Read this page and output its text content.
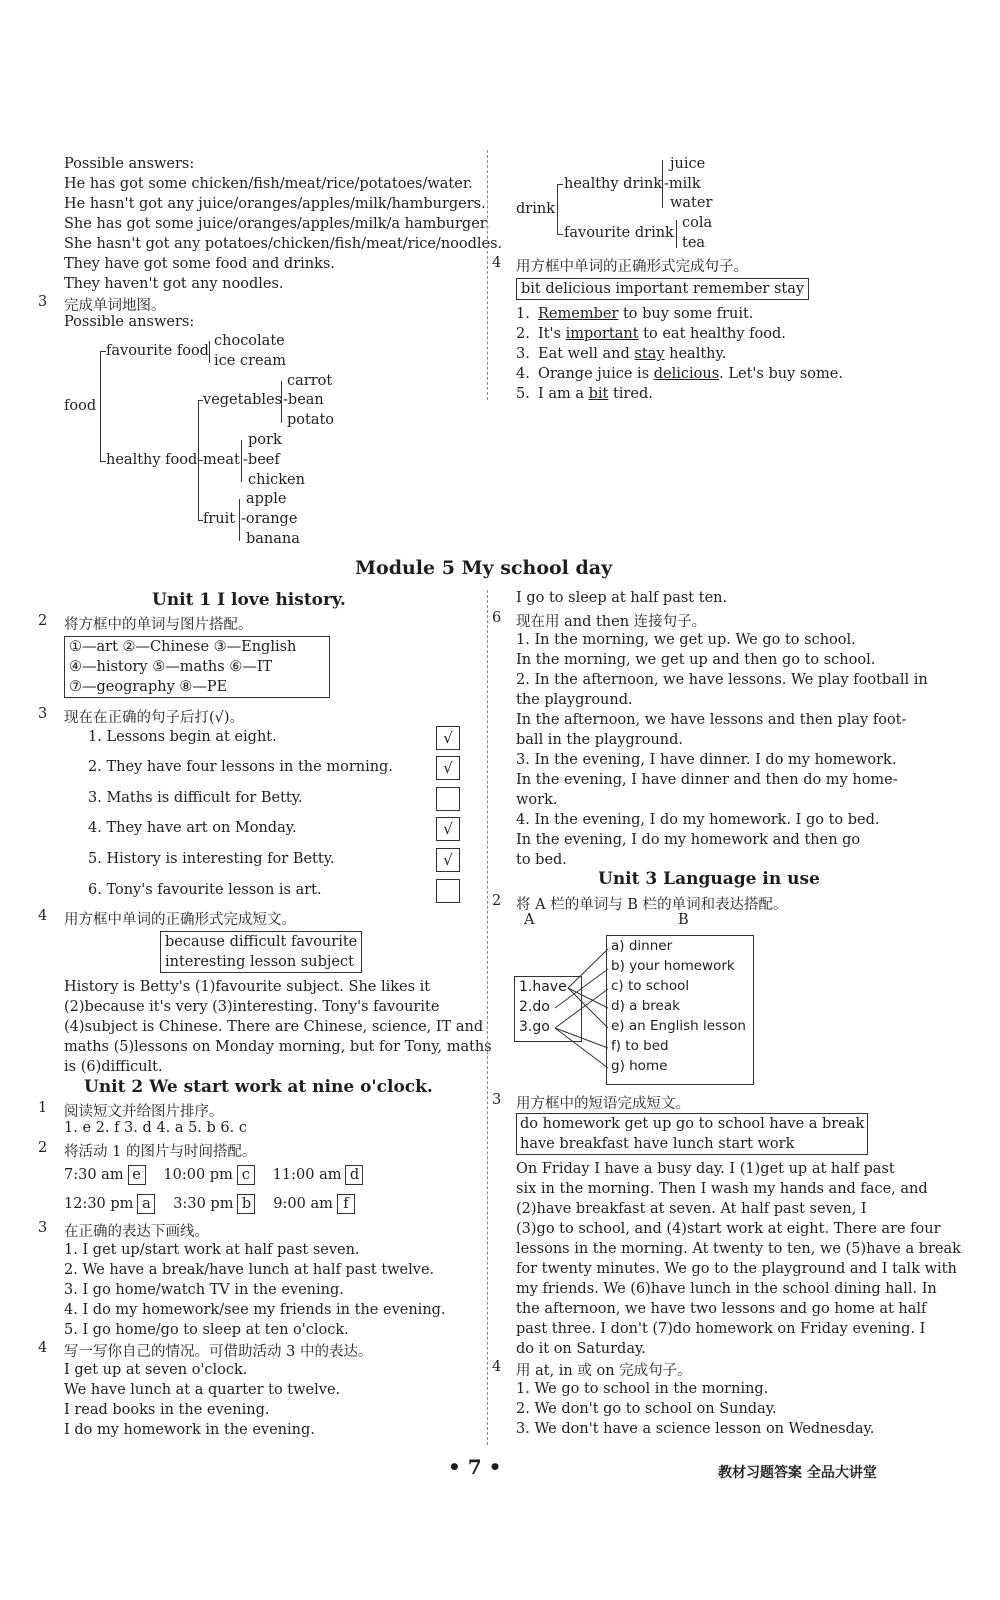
Possible answers:
He has got some chicken/fish/meat/rice/potatoes/water.
He hasn't got any juice/oranges/apples/milk/hamburgers.
She has got some juice/oranges/apples/milk/a hamburger.
She hasn't got any potatoes/chicken/fish/meat/rice/noodles.
They have got some food and drinks.
They haven't got any noodles.
3 完成单词地图。
Possible answers:
food
favourite food
chocolate
ice cream
healthy food
vegetables
carrot
-bean
potato
meat
pork
-beef
chicken
fruit
apple
-orange
banana
drink
healthy drink
juice
-milk
water
favourite drink
cola
tea
4 用方框中单词的正确形式完成句子。
bit delicious important remember stay
1. Remember to buy some fruit.
2. It's important to eat healthy food.
3. Eat well and stay healthy.
4. Orange juice is delicious. Let's buy some.
5. I am a bit tired.
Module 5 My school day
Unit 1 I love history.
2 将方框中的单词与图片搭配。
①—art ②—Chinese ③—English
④—history ⑤—maths ⑥—IT
⑦—geography ⑧—PE
3 现在在正确的句子后打(√)。
1. Lessons begin at eight.	√
2. They have four lessons in the morning.	√
3. Maths is difficult for Betty.
4. They have art on Monday.	√
5. History is interesting for Betty.	√
6. Tony's favourite lesson is art.
4 用方框中单词的正确形式完成短文。
because difficult favourite
interesting lesson subject
History is Betty's (1)favourite subject. She likes it
(2)because it's very (3)interesting. Tony's favourite
(4)subject is Chinese. There are Chinese, science, IT and
maths (5)lessons on Monday morning, but for Tony, maths
is (6)difficult.
Unit 2 We start work at nine o'clock.
1 阅读短文并给图片排序。
1. e 2. f 3. d 4. a 5. b 6. c
2 将活动 1 的图片与时间搭配。
7:30 am e 10:00 pm c 11:00 am d
12:30 pm a 3:30 pm b 9:00 am f
3 在正确的表达下画线。
1. I get up/start work at half past seven.
2. We have a break/have lunch at half past twelve.
3. I go home/watch TV in the evening.
4. I do my homework/see my friends in the evening.
5. I go home/go to sleep at ten o'clock.
4 写一写你自己的情况。可借助活动 3 中的表达。
I get up at seven o'clock.
We have lunch at a quarter to twelve.
I read books in the evening.
I do my homework in the evening.
I go to sleep at half past ten.
6 现在用 and then 连接句子。
1. In the morning, we get up. We go to school.
In the morning, we get up and then go to school.
2. In the afternoon, we have lessons. We play football in
the playground.
In the afternoon, we have lessons and then play foot-
ball in the playground.
3. In the evening, I have dinner. I do my homework.
In the evening, I have dinner and then do my home-
work.
4. In the evening, I do my homework. I go to bed.
In the evening, I do my homework and then go
to bed.
Unit 3 Language in use
2 将 A 栏的单词与 B 栏的单词和表达搭配。
A	B
1.have
2.do
3.go
a) dinner
b) your homework
c) to school
d) a break
e) an English lesson
f) to bed
g) home
3 用方框中的短语完成短文。
do homework get up go to school have a break
have breakfast have lunch start work
On Friday I have a busy day. I (1)get up at half past
six in the morning. Then I wash my hands and face, and
(2)have breakfast at seven. At half past seven, I
(3)go to school, and (4)start work at eight. There are four
lessons in the morning. At twenty to ten, we (5)have a break
for twenty minutes. We go to the playground and I talk with
my friends. We (6)have lunch in the school dining hall. In
the afternoon, we have two lessons and go home at half
past three. I don't (7)do homework on Friday evening. I
do it on Saturday.
4 用 at, in 或 on 完成句子。
1. We go to school in the morning.
2. We don't go to school on Sunday.
3. We don't have a science lesson on Wednesday.
• 7 •	教材习题答案 全品大讲堂
